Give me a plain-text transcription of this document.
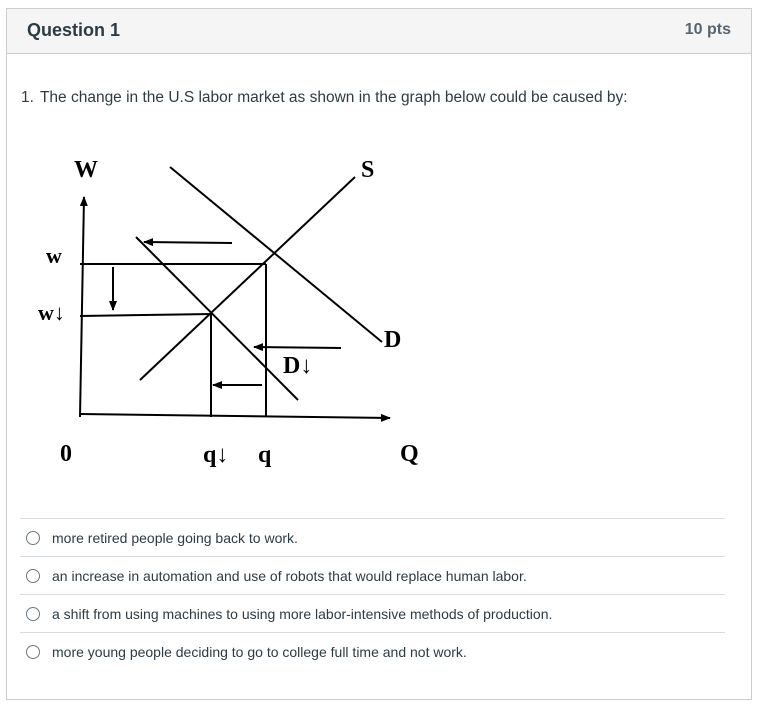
Question 1	10 pts
1. The change in the U.S labor market as shown in the graph below could be caused by:
W	S
w
w↓
D
D↓
0	q↓ q	Q
more retired people going back to work.
an increase in automation and use of robots that would replace human labor.
a shift from using machines to using more labor-intensive methods of production.
more young people deciding to go to college full time and not work.
